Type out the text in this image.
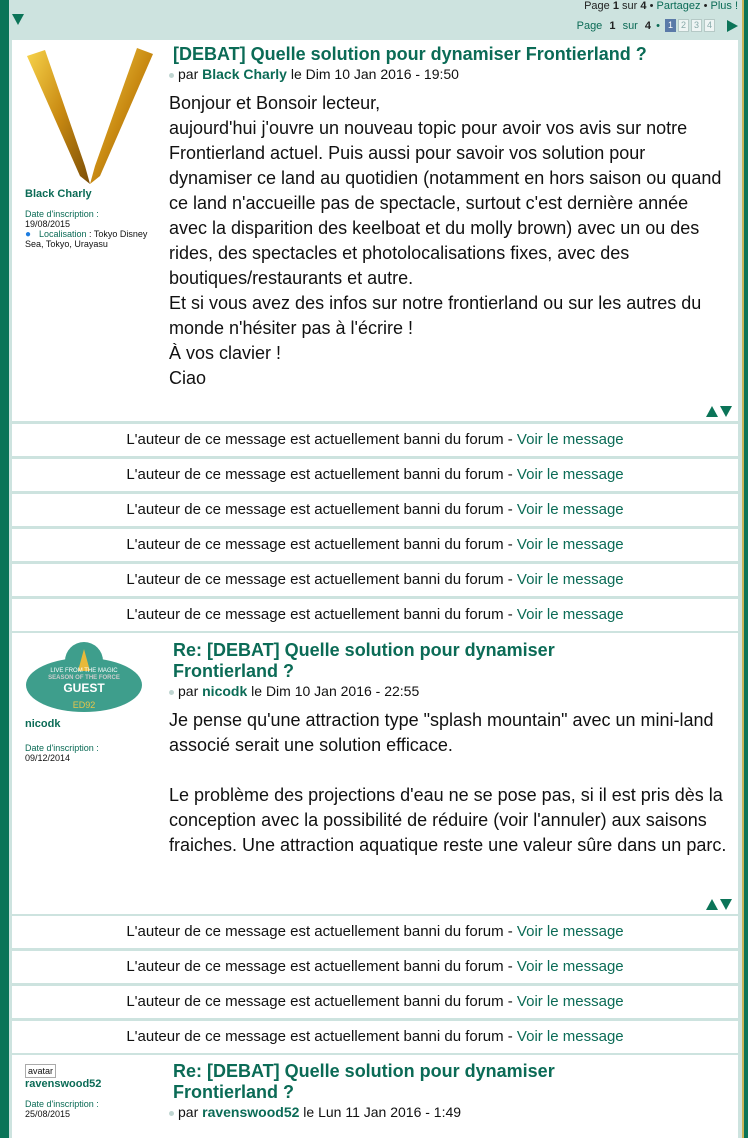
Page 1 sur 4 • Partagez • Plus !
Page
1
sur
4 • 1 2 3 4
Black Charly
Date d'inscription :
19/08/2015
● Localisation : Tokyo Disney Sea, Tokyo, Urayasu
[DEBAT] Quelle solution pour dynamiser Frontierland ?
par Black Charly le Dim 10 Jan 2016 - 19:50
Bonjour et Bonsoir lecteur,
aujourd'hui j'ouvre un nouveau topic pour avoir vos avis sur notre Frontierland actuel. Puis aussi pour savoir vos solution pour dynamiser ce land au quotidien (notamment en hors saison ou quand ce land n'accueille pas de spectacle, surtout c'est dernière année avec la disparition des keelboat et du molly brown) avec un ou des rides, des spectacles et photolocalisations fixes, avec des boutiques/restaurants et autre.
Et si vous avez des infos sur notre frontierland ou sur les autres du monde n'hésiter pas à l'écrire !
À vos clavier !
Ciao
L'auteur de ce message est actuellement banni du forum - Voir le message
L'auteur de ce message est actuellement banni du forum - Voir le message
L'auteur de ce message est actuellement banni du forum - Voir le message
L'auteur de ce message est actuellement banni du forum - Voir le message
L'auteur de ce message est actuellement banni du forum - Voir le message
L'auteur de ce message est actuellement banni du forum - Voir le message
LIVE FROM THE MAGIC
SEASON OF THE FORCE
GUEST
ED92
nicodk
Date d'inscription :
09/12/2014
Re: [DEBAT] Quelle solution pour dynamiser Frontierland ?
par nicodk le Dim 10 Jan 2016 - 22:55
Je pense qu'une attraction type "splash mountain" avec un mini-land associé serait une solution efficace.
Le problème des projections d'eau ne se pose pas, si il est pris dès la conception avec la possibilité de réduire (voir l'annuler) aux saisons fraiches. Une attraction aquatique reste une valeur sûre dans un parc.
L'auteur de ce message est actuellement banni du forum - Voir le message
L'auteur de ce message est actuellement banni du forum - Voir le message
L'auteur de ce message est actuellement banni du forum - Voir le message
L'auteur de ce message est actuellement banni du forum - Voir le message
avatar
ravenswood52
Date d'inscription :
25/08/2015
Re: [DEBAT] Quelle solution pour dynamiser Frontierland ?
par ravenswood52 le Lun 11 Jan 2016 - 1:49
